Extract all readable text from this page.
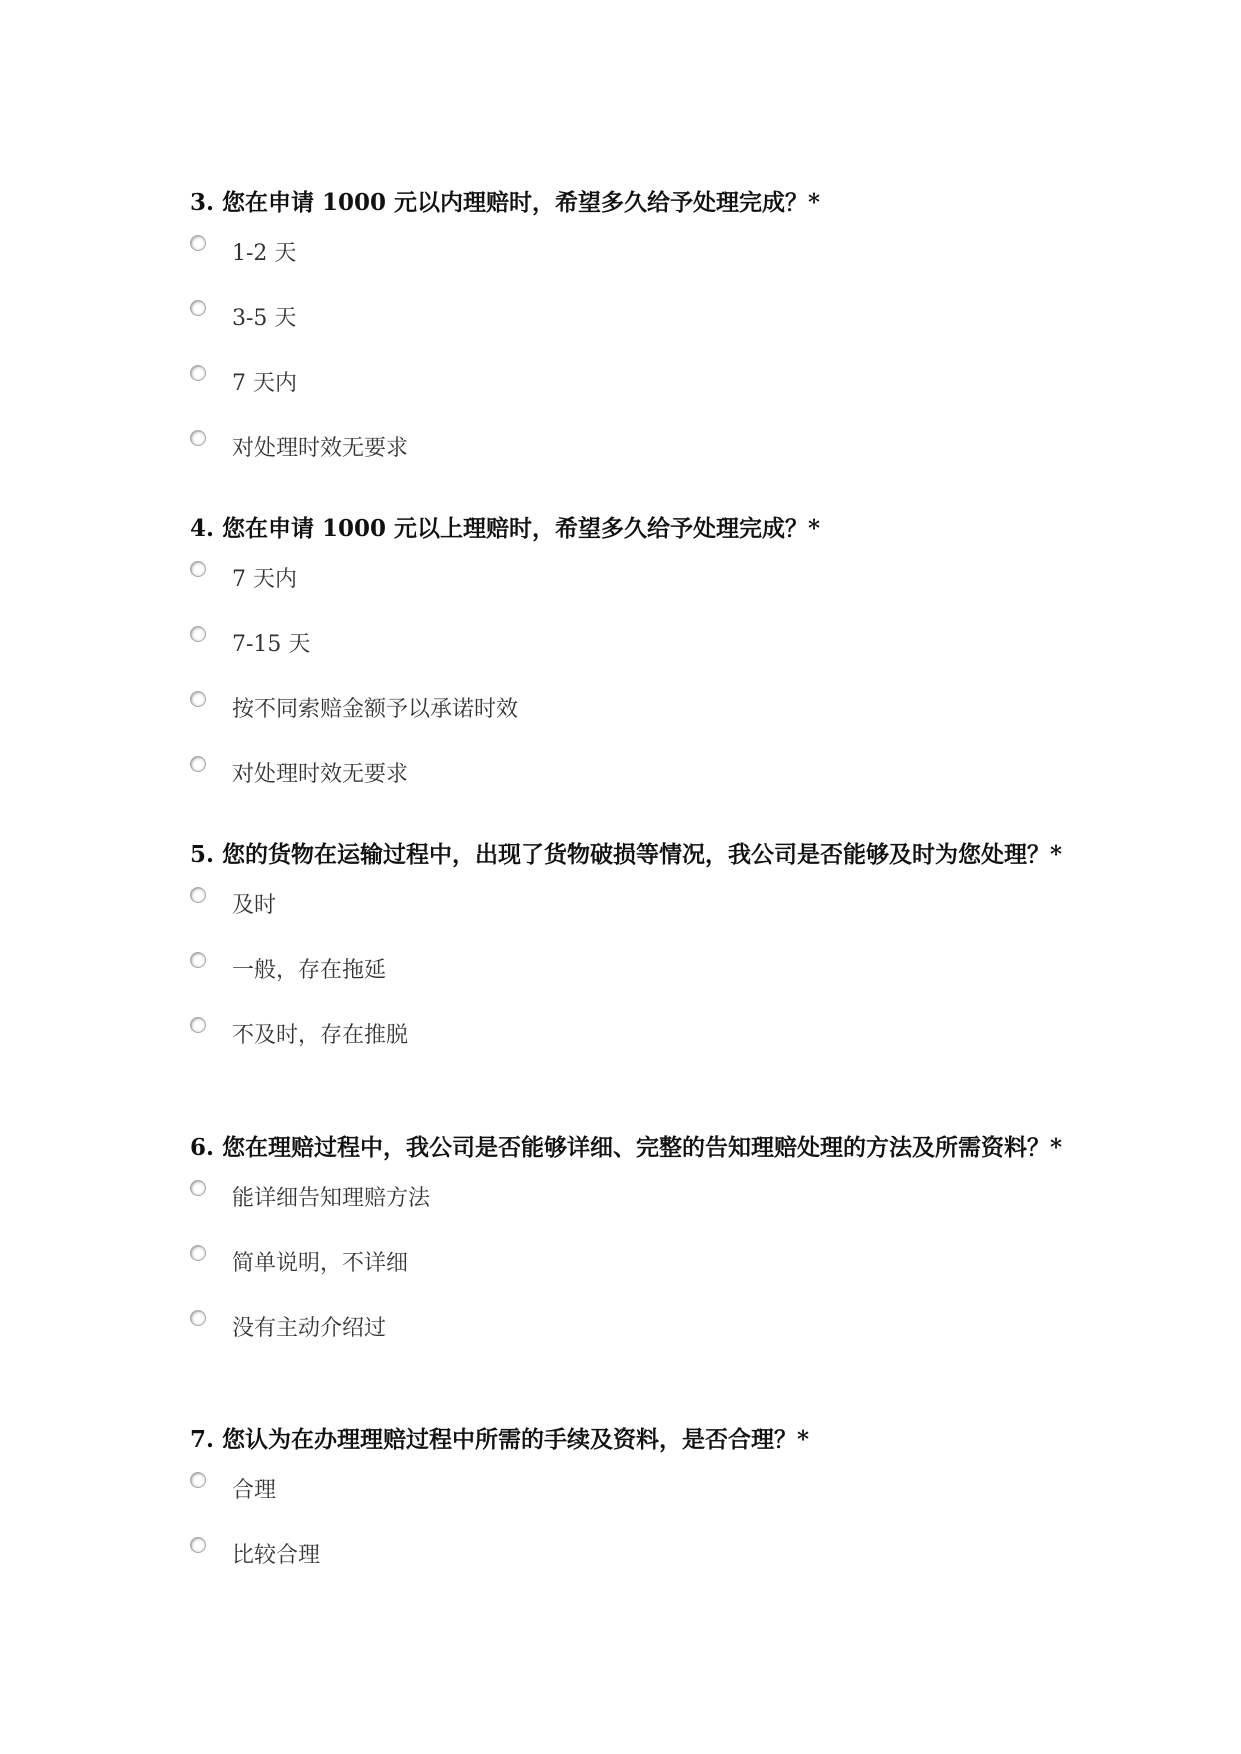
3. 您在申请 1000 元以内理赔时，希望多久给予处理完成？*

1-2 天
3-5 天
7 天内
对处理时效无要求

4. 您在申请 1000 元以上理赔时，希望多久给予处理完成？*

7 天内
7-15 天
按不同索赔金额予以承诺时效
对处理时效无要求

5. 您的货物在运输过程中，出现了货物破损等情况，我公司是否能够及时为您处理？*

及时
一般，存在拖延
不及时，存在推脱

6. 您在理赔过程中，我公司是否能够详细、完整的告知理赔处理的方法及所需资料？*

能详细告知理赔方法
简单说明，不详细
没有主动介绍过

7. 您认为在办理理赔过程中所需的手续及资料，是否合理？*

合理
比较合理
